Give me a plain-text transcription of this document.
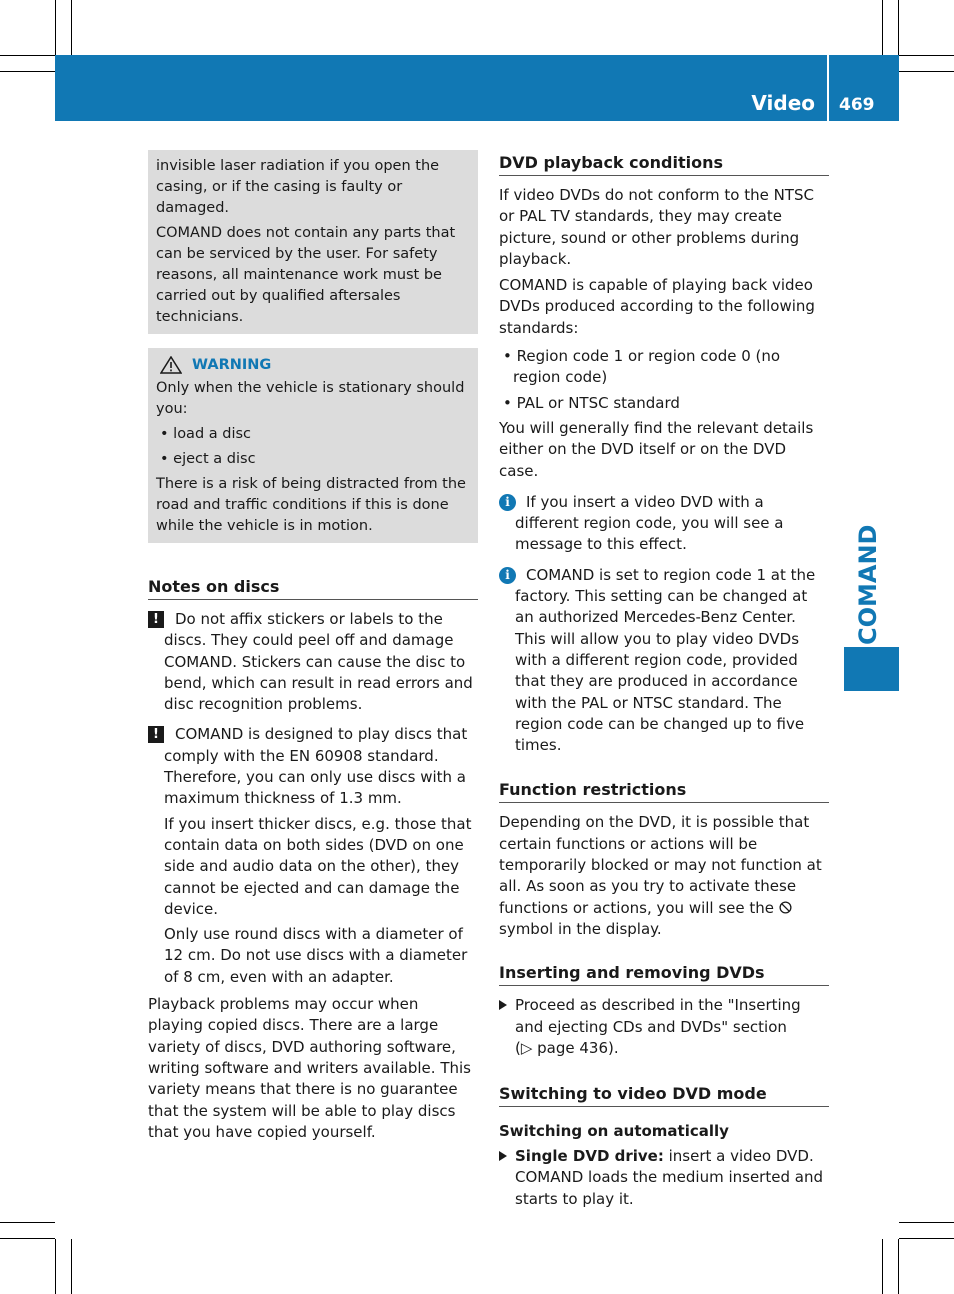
Video 469
COMAND

invisible laser radiation if you open the casing, or if the casing is faulty or damaged.

COMAND does not contain any parts that can be serviced by the user. For safety reasons, all maintenance work must be carried out by qualified aftersales technicians.

WARNING

Only when the vehicle is stationary should you:

• load a disc

• eject a disc

There is a risk of being distracted from the road and traffic conditions if this is done while the vehicle is in motion.

Notes on discs
!	Do not affix stickers or labels to the discs. They could peel off and damage COMAND. Stickers can cause the disc to bend, which can result in read errors and disc recognition problems.

!	COMAND is designed to play discs that comply with the EN 60908 standard. Therefore, you can only use discs with a maximum thickness of 1.3 mm.

If you insert thicker discs, e.g. those that contain data on both sides (DVD on one side and audio data on the other), they cannot be ejected and can damage the device.

Only use round discs with a diameter of 12 cm. Do not use discs with a diameter of 8 cm, even with an adapter.

Playback problems may occur when playing copied discs. There are a large variety of discs, DVD authoring software, writing software and writers available. This variety means that there is no guarantee that the system will be able to play discs that you have copied yourself.

DVD playback conditions

If video DVDs do not conform to the NTSC or PAL TV standards, they may create picture, sound or other problems during playback.

COMAND is capable of playing back video DVDs produced according to the following standards:

• Region code 1 or region code 0 (no region code)

• PAL or NTSC standard

You will generally find the relevant details either on the DVD itself or on the DVD case.

i	If you insert a video DVD with a different region code, you will see a message to this effect.

i	COMAND is set to region code 1 at the factory. This setting can be changed at an authorized Mercedes-Benz Center. This will allow you to play video DVDs with a different region code, provided that they are produced in accordance with the PAL or NTSC standard. The region code can be changed up to five times.

Function restrictions

Depending on the DVD, it is possible that certain functions or actions will be temporarily blocked or may not function at all. As soon as you try to activate these functions or actions, you will see the  symbol in the display.

Inserting and removing DVDs

Proceed as described in the "Inserting and ejecting CDs and DVDs" section

(▷ page 436).

Switching to video DVD mode
Switching on automatically

Single DVD drive: insert a video DVD.

COMAND loads the medium inserted and starts to play it.
